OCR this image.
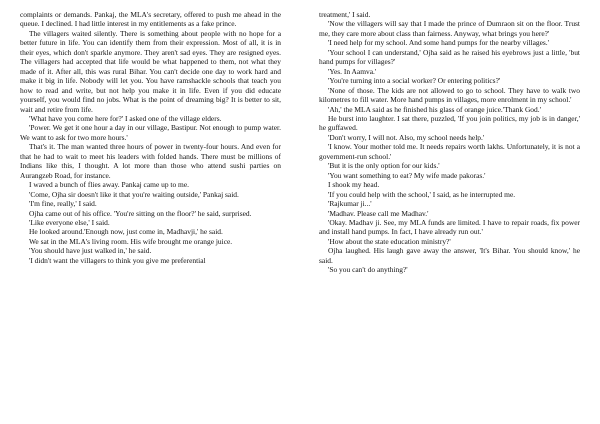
complaints or demands. Pankaj, the MLA's secretary, offered to push me ahead in the queue. I declined. I had little interest in my entitlements as a fake prince.

The villagers waited silently. There is something about people with no hope for a better future in life. You can identify them from their expression. Most of all, it is in their eyes, which don't sparkle anymore. They aren't sad eyes. They are resigned eyes. The villagers had accepted that life would be what happened to them, not what they made of it. After all, this was rural Bihar. You can't decide one day to work hard and make it big in life. Nobody will let you. You have ramshackle schools that teach you how to read and write, but not help you make it in life. Even if you did educate yourself, you would find no jobs. What is the point of dreaming big? It is better to sit, wait and retire from life.

'What have you come here for?' I asked one of the village elders.

'Power. We get it one hour a day in our village, Bastipur. Not enough to pump water. We want to ask for two more hours.'

That's it. The man wanted three hours of power in twenty-four hours. And even for that he had to wait to meet his leaders with folded hands. There must be millions of Indians like this, I thought. A lot more than those who attend sushi parties on Aurangzeb Road, for instance.

I waved a bunch of flies away. Pankaj came up to me.

'Come, Ojha sir doesn't like it that you're waiting outside,' Pankaj said.

'I'm fine, really,' I said.

Ojha came out of his office. 'You're sitting on the floor?' he said, surprised.

'Like everyone else,' I said.

He looked around.'Enough now, just come in, Madhavji,' he said.

We sat in the MLA's living room. His wife brought me orange juice.

'You should have just walked in,' he said.

'I didn't want the villagers to think you give me preferential

treatment,' I said.

'Now the villagers will say that I made the prince of Dumraon sit on the floor. Trust me, they care more about class than fairness. Anyway, what brings you here?'

'I need help for my school. And some hand pumps for the nearby villages.'

'Your school I can understand,' Ojha said as he raised his eyebrows just a little, 'but hand pumps for villages?'

'Yes. In Aamva.'

'You're turning into a social worker? Or entering politics?'

'None of those. The kids are not allowed to go to school. They have to walk two kilometres to fill water. More hand pumps in villages, more enrolment in my school.'

'Ah,' the MLA said as he finished his glass of orange juice.'Thank God.'

He burst into laughter. I sat there, puzzled, 'If you join politics, my job is in danger,' he guffawed.

'Don't worry, I will not. Also, my school needs help.'

'I know. Your mother told me. It needs repairs worth lakhs. Unfortunately, it is not a government-run school.'

'But it is the only option for our kids.'

'You want something to eat? My wife made pakoras.'

I shook my head.

'If you could help with the school,' I said, as he interrupted me.

'Rajkumar ji...'

'Madhav. Please call me Madhav.'

'Okay. Madhav ji. See, my MLA funds are limited. I have to repair roads, fix power and install hand pumps. In fact, I have already run out.'

'How about the state education ministry?'

Ojha laughed. His laugh gave away the answer, 'It's Bihar. You should know,' he said.

'So you can't do anything?'
